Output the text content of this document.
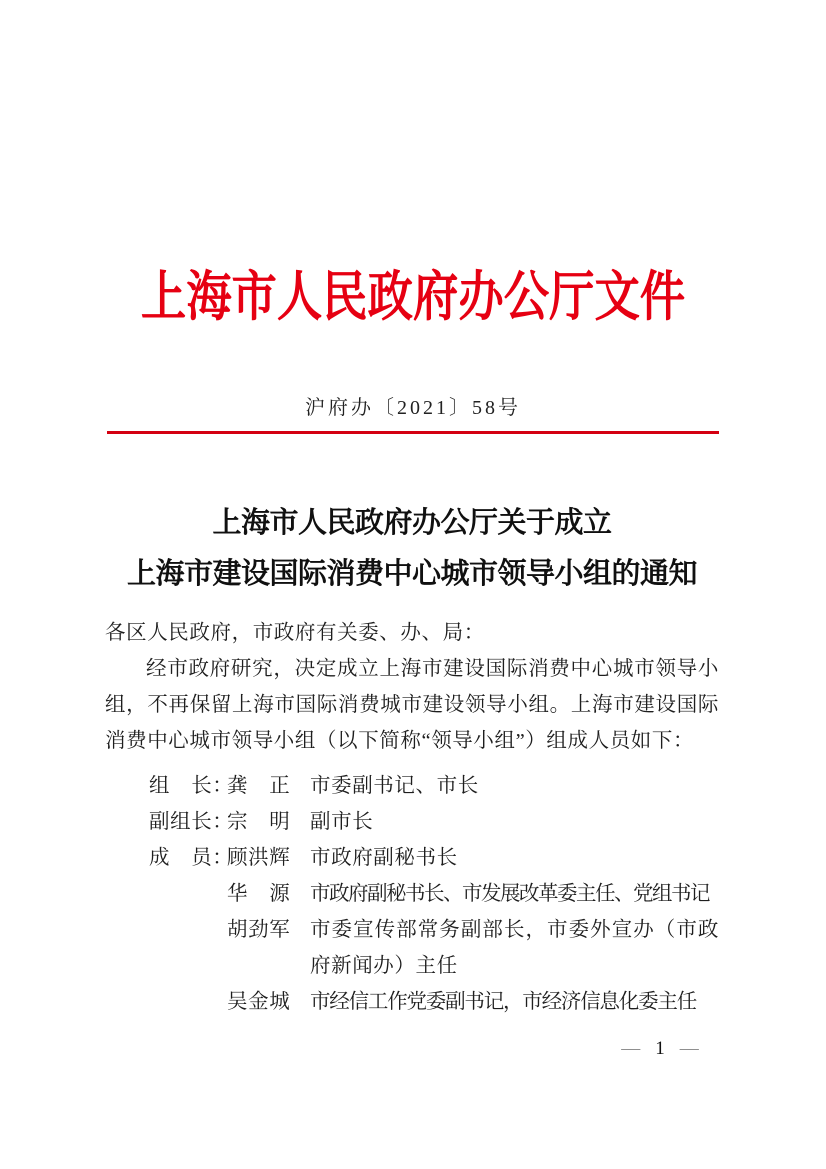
上海市人民政府办公厅文件
沪府办〔2021〕58号
上海市人民政府办公厅关于成立
上海市建设国际消费中心城市领导小组的通知
各区人民政府，市政府有关委、办、局：

经市政府研究，决定成立上海市建设国际消费中心城市领导小组，不再保留上海市国际消费城市建设领导小组。上海市建设国际消费中心城市领导小组（以下简称“领导小组”）组成人员如下：

组　长：
龚　正 市委副书记、市长
副组长：
宗　明 副市长
成　员：
顾洪辉 市政府副秘书长
华　源 市政府副秘书长、市发展改革委主任、党组书记
胡劲军 市委宣传部常务副部长，市委外宣办（市政
府新闻办）主任
吴金城 市经信工作党委副书记，市经济信息化委主任
— 1 —
